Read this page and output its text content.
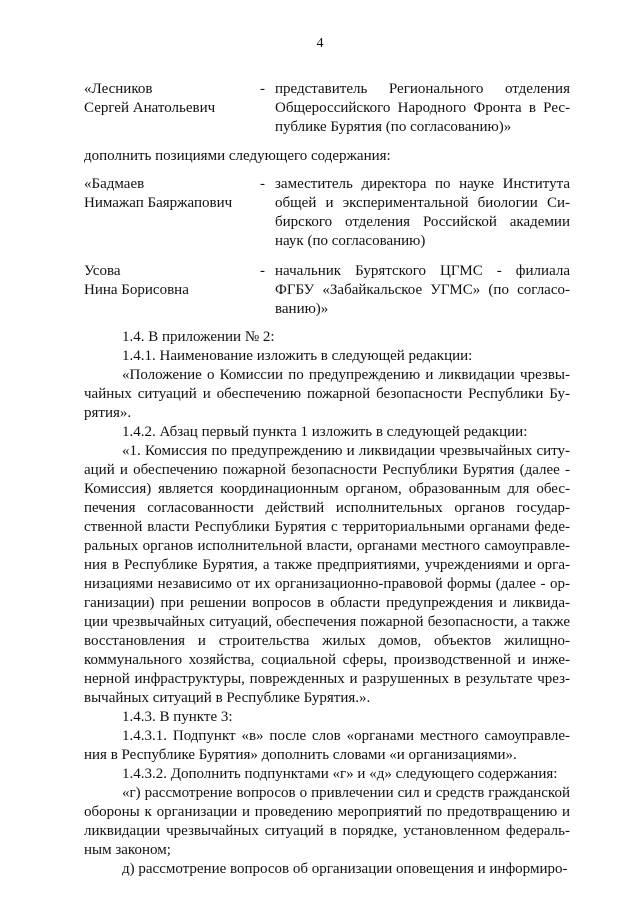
4
«Лесников
Сергей Анатольевич
- представитель Регионального отделения
Общероссийского Народного Фронта в Рес-
публике Бурятия (по согласованию)»
дополнить позициями следующего содержания:
«Бадмаев
Нимажап Баяржапович
- заместитель директора по науке Института
общей и экспериментальной биологии Си-
бирского отделения Российской академии
наук (по согласованию)
Усова
Нина Борисовна
- начальник Бурятского ЦГМС - филиала
ФГБУ «Забайкальское УГМС» (по согласо-
ванию)»
1.4. В приложении № 2:
1.4.1. Наименование изложить в следующей редакции:
«Положение о Комиссии по предупреждению и ликвидации чрезвы-
чайных ситуаций и обеспечению пожарной безопасности Республики Бу-
рятия».
1.4.2. Абзац первый пункта 1 изложить в следующей редакции:
«1. Комиссия по предупреждению и ликвидации чрезвычайных ситу-
аций и обеспечению пожарной безопасности Республики Бурятия (далее -
Комиссия) является координационным органом, образованным для обес-
печения согласованности действий исполнительных органов государ-
ственной власти Республики Бурятия с территориальными органами феде-
ральных органов исполнительной власти, органами местного самоуправле-
ния в Республике Бурятия, а также предприятиями, учреждениями и орга-
низациями независимо от их организационно-правовой формы (далее - ор-
ганизации) при решении вопросов в области предупреждения и ликвида-
ции чрезвычайных ситуаций, обеспечения пожарной безопасности, а также
восстановления и строительства жилых домов, объектов жилищно-
коммунального хозяйства, социальной сферы, производственной и инже-
нерной инфраструктуры, поврежденных и разрушенных в результате чрез-
вычайных ситуаций в Республике Бурятия.».
1.4.3. В пункте 3:
1.4.3.1. Подпункт «в» после слов «органами местного самоуправле-
ния в Республике Бурятия» дополнить словами «и организациями».
1.4.3.2. Дополнить подпунктами «г» и «д» следующего содержания:
«г) рассмотрение вопросов о привлечении сил и средств гражданской
обороны к организации и проведению мероприятий по предотвращению и
ликвидации чрезвычайных ситуаций в порядке, установленном федераль-
ным законом;
д) рассмотрение вопросов об организации оповещения и информиро-
